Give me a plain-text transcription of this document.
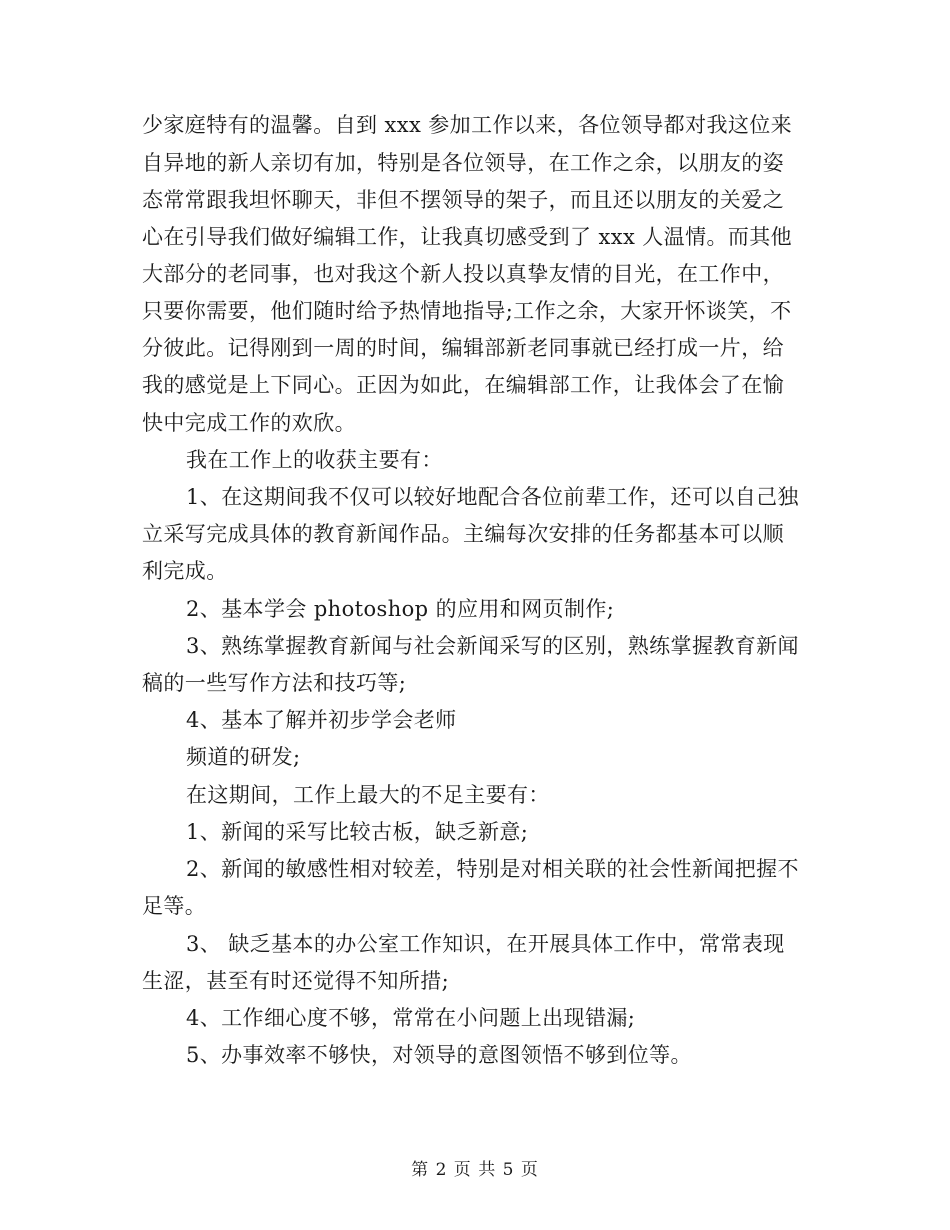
少家庭特有的温馨。自到 xxx 参加工作以来，各位领导都对我这位来
自异地的新人亲切有加，特别是各位领导，在工作之余，以朋友的姿
态常常跟我坦怀聊天，非但不摆领导的架子，而且还以朋友的关爱之
心在引导我们做好编辑工作，让我真切感受到了 xxx 人温情。而其他
大部分的老同事，也对我这个新人投以真挚友情的目光，在工作中，
只要你需要，他们随时给予热情地指导;工作之余，大家开怀谈笑，不
分彼此。记得刚到一周的时间，编辑部新老同事就已经打成一片，给
我的感觉是上下同心。正因为如此，在编辑部工作，让我体会了在愉
快中完成工作的欢欣。
我在工作上的收获主要有：
1、在这期间我不仅可以较好地配合各位前辈工作，还可以自己独
立采写完成具体的教育新闻作品。主编每次安排的任务都基本可以顺
利完成。
2、基本学会 photoshop 的应用和网页制作;
3、熟练掌握教育新闻与社会新闻采写的区别，熟练掌握教育新闻
稿的一些写作方法和技巧等;
4、基本了解并初步学会老师
频道的研发;
在这期间，工作上最大的不足主要有：
1、新闻的采写比较古板，缺乏新意;
2、新闻的敏感性相对较差，特别是对相关联的社会性新闻把握不
足等。
3、 缺乏基本的办公室工作知识，在开展具体工作中，常常表现
生涩，甚至有时还觉得不知所措;
4、工作细心度不够，常常在小问题上出现错漏;
5、办事效率不够快，对领导的意图领悟不够到位等。
第 2 页 共 5 页
